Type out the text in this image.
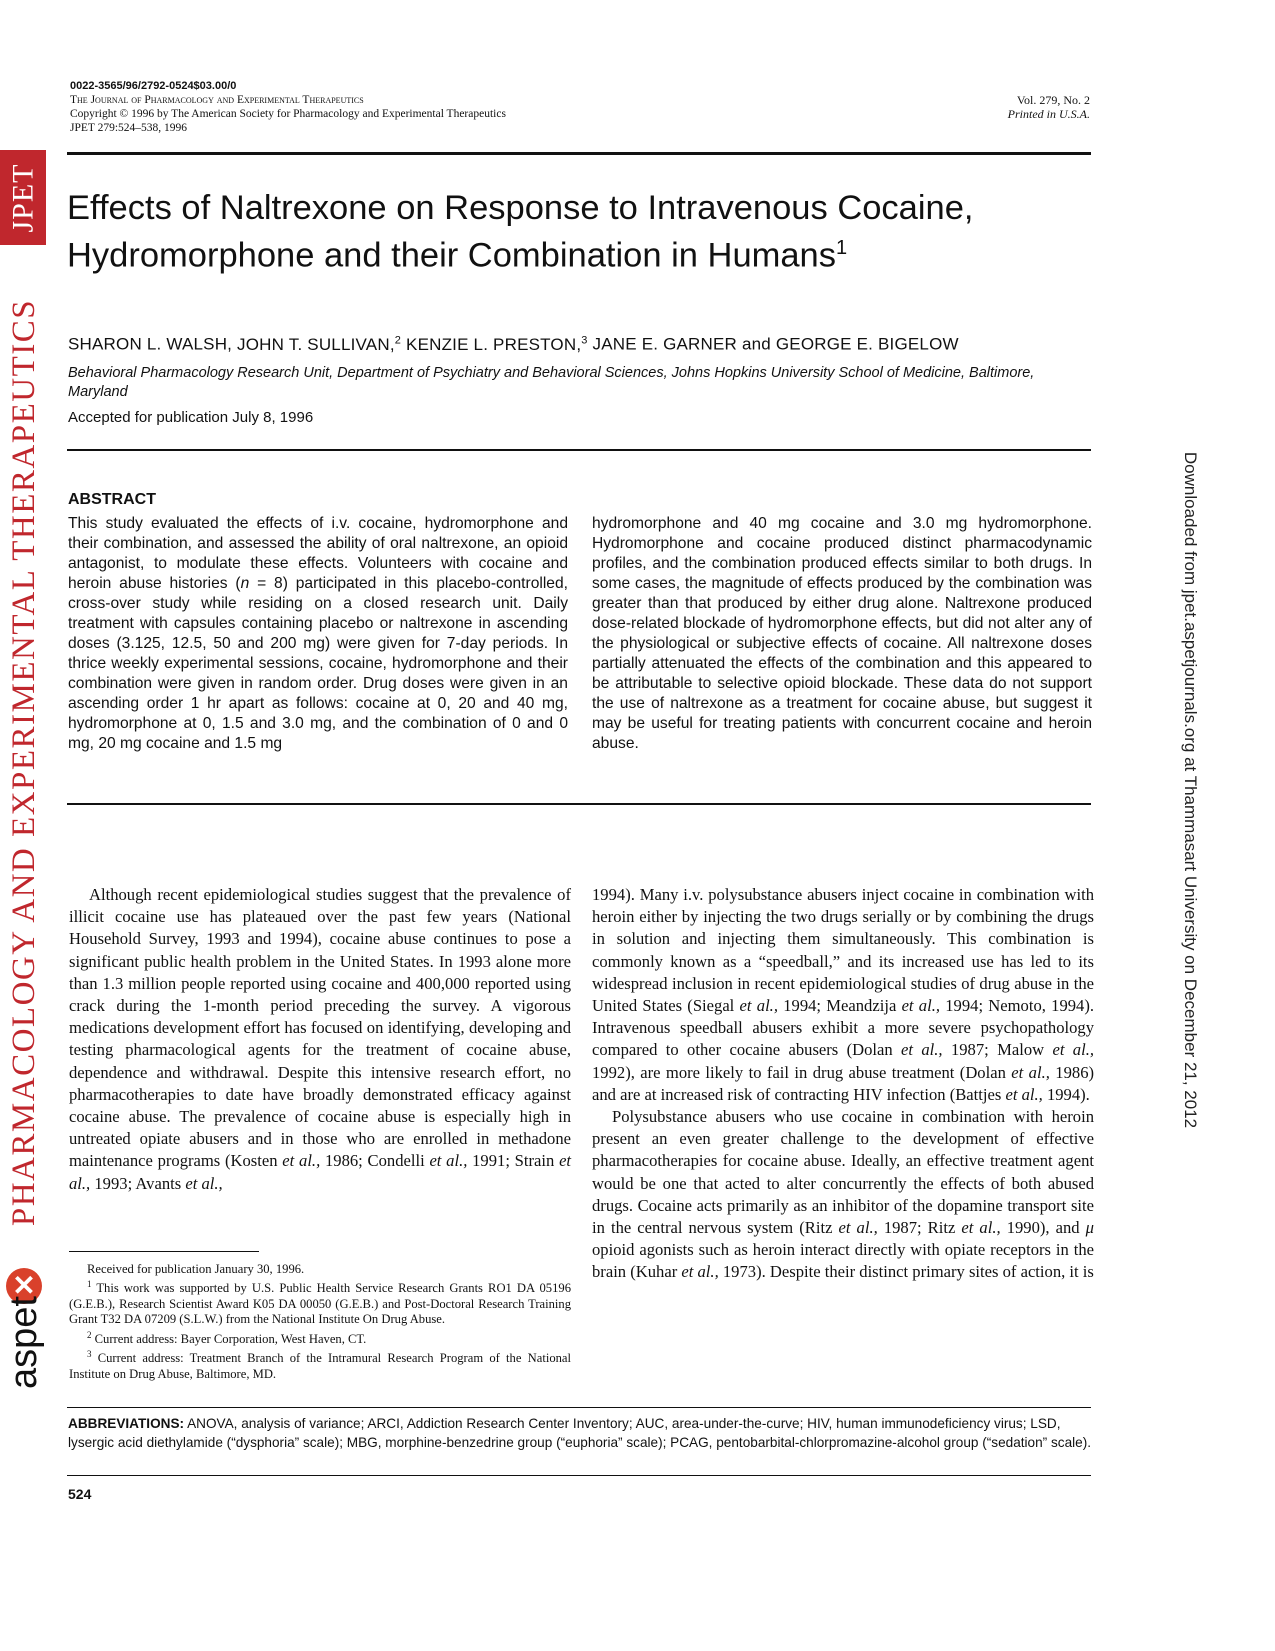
JPET
PHARMACOLOGY AND EXPERIMENTAL THERAPEUTICS
✕
aspet
Downloaded from jpet.aspetjournals.org at Thammasart University on December 21, 2012
0022-3565/96/2792-0524$03.00/0
The Journal of Pharmacology and Experimental Therapeutics
Copyright © 1996 by The American Society for Pharmacology and Experimental Therapeutics
JPET 279:524–538, 1996
Vol. 279, No. 2
Printed in U.S.A.
Effects of Naltrexone on Response to Intravenous Cocaine,
Hydromorphone and their Combination in Humans$^1$
SHARON L. WALSH, JOHN T. SULLIVAN,$^2$ KENZIE L. PRESTON,$^3$ JANE E. GARNER and GEORGE E. BIGELOW
Behavioral Pharmacology Research Unit, Department of Psychiatry and Behavioral Sciences, Johns Hopkins University School of Medicine, Baltimore, Maryland
Accepted for publication July 8, 1996
ABSTRACT
This study evaluated the effects of i.v. cocaine, hydromorphone and their combination, and assessed the ability of oral naltrexone, an opioid antagonist, to modulate these effects. Volunteers with cocaine and heroin abuse histories (n = 8) participated in this placebo-controlled, cross-over study while residing on a closed research unit. Daily treatment with capsules containing placebo or naltrexone in ascending doses (3.125, 12.5, 50 and 200 mg) were given for 7-day periods. In thrice weekly experimental sessions, cocaine, hydromorphone and their combination were given in random order. Drug doses were given in an ascending order 1 hr apart as follows: cocaine at 0, 20 and 40 mg, hydromorphone at 0, 1.5 and 3.0 mg, and the combination of 0 and 0 mg, 20 mg cocaine and 1.5 mg
hydromorphone and 40 mg cocaine and 3.0 mg hydromorphone. Hydromorphone and cocaine produced distinct pharmacodynamic profiles, and the combination produced effects similar to both drugs. In some cases, the magnitude of effects produced by the combination was greater than that produced by either drug alone. Naltrexone produced dose-related blockade of hydromorphone effects, but did not alter any of the physiological or subjective effects of cocaine. All naltrexone doses partially attenuated the effects of the combination and this appeared to be attributable to selective opioid blockade. These data do not support the use of naltrexone as a treatment for cocaine abuse, but suggest it may be useful for treating patients with concurrent cocaine and heroin abuse.

Although recent epidemiological studies suggest that the prevalence of illicit cocaine use has plateaued over the past few years (National Household Survey, 1993 and 1994), cocaine abuse continues to pose a significant public health problem in the United States. In 1993 alone more than 1.3 million people reported using cocaine and 400,000 reported using crack during the 1-month period preceding the survey. A vigorous medications development effort has focused on identifying, developing and testing pharmacological agents for the treatment of cocaine abuse, dependence and withdrawal. Despite this intensive research effort, no pharmacotherapies to date have broadly demonstrated efficacy against cocaine abuse. The prevalence of cocaine abuse is especially high in untreated opiate abusers and in those who are enrolled in methadone maintenance programs (Kosten et al., 1986; Condelli et al., 1991; Strain et al., 1993; Avants et al.,

1994). Many i.v. polysubstance abusers inject cocaine in combination with heroin either by injecting the two drugs serially or by combining the drugs in solution and injecting them simultaneously. This combination is commonly known as a “speedball,” and its increased use has led to its widespread inclusion in recent epidemiological studies of drug abuse in the United States (Siegal et al., 1994; Meandzija et al., 1994; Nemoto, 1994). Intravenous speedball abusers exhibit a more severe psychopathology compared to other cocaine abusers (Dolan et al., 1987; Malow et al., 1992), are more likely to fail in drug abuse treatment (Dolan et al., 1986) and are at increased risk of contracting HIV infection (Battjes et al., 1994).

Polysubstance abusers who use cocaine in combination with heroin present an even greater challenge to the development of effective pharmacotherapies for cocaine abuse. Ideally, an effective treatment agent would be one that acted to alter concurrently the effects of both abused drugs. Cocaine acts primarily as an inhibitor of the dopamine transport site in the central nervous system (Ritz et al., 1987; Ritz et al., 1990), and μ opioid agonists such as heroin interact directly with opiate receptors in the brain (Kuhar et al., 1973). Despite their distinct primary sites of action, it is

Received for publication January 30, 1996.

$^1$ This work was supported by U.S. Public Health Service Research Grants RO1 DA 05196 (G.E.B.), Research Scientist Award K05 DA 00050 (G.E.B.) and Post-Doctoral Research Training Grant T32 DA 07209 (S.L.W.) from the National Institute On Drug Abuse.

$^2$ Current address: Bayer Corporation, West Haven, CT.

$^3$ Current address: Treatment Branch of the Intramural Research Program of the National Institute on Drug Abuse, Baltimore, MD.

ABBREVIATIONS: ANOVA, analysis of variance; ARCI, Addiction Research Center Inventory; AUC, area-under-the-curve; HIV, human immunodeficiency virus; LSD, lysergic acid diethylamide (“dysphoria” scale); MBG, morphine-benzedrine group (“euphoria” scale); PCAG, pentobarbital-chlorpromazine-alcohol group (“sedation” scale).
524
